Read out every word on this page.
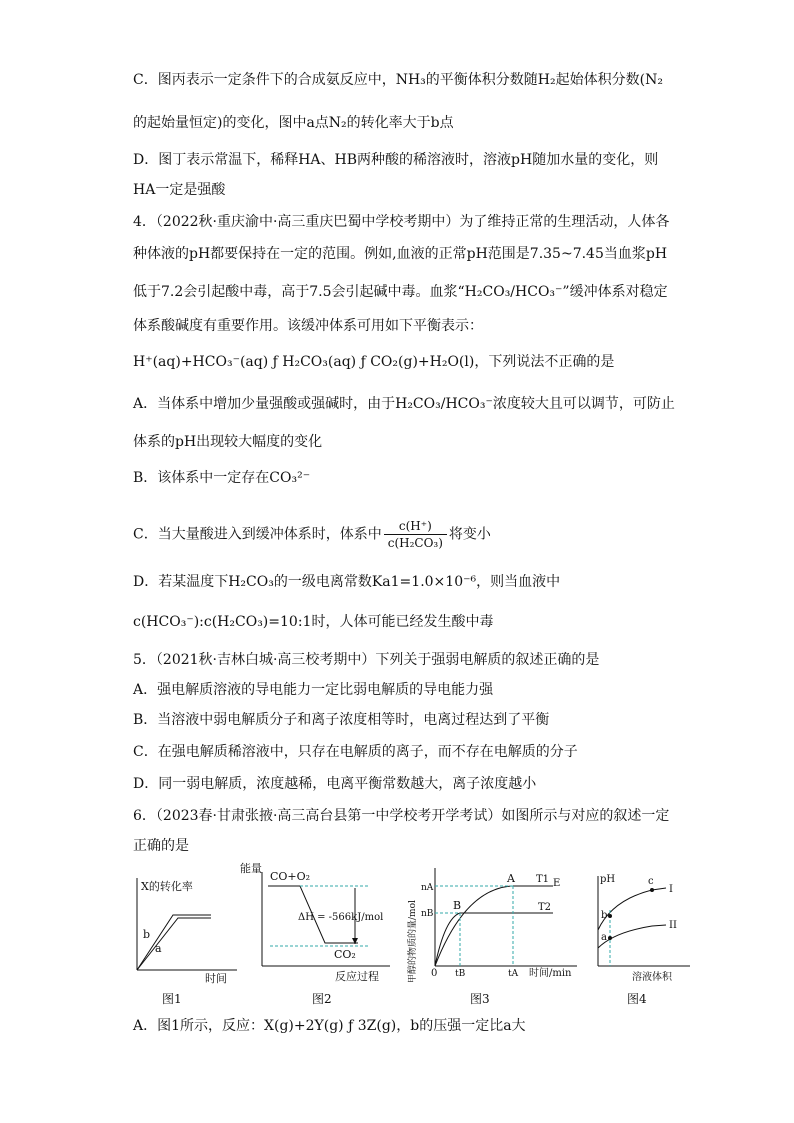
C．图丙表示一定条件下的合成氨反应中，NH₃的平衡体积分数随H₂起始体积分数(N₂
的起始量恒定)的变化，图中a点N₂的转化率大于b点
D．图丁表示常温下，稀释HA、HB两种酸的稀溶液时，溶液pH随加水量的变化，则
HA一定是强酸
4．（2022秋·重庆渝中·高三重庆巴蜀中学校考期中）为了维持正常的生理活动，人体各
种体液的pH都要保持在一定的范围。例如,血液的正常pH范围是7.35~7.45当血浆pH
低于7.2会引起酸中毒，高于7.5会引起碱中毒。血浆“H₂CO₃/HCO₃⁻”缓冲体系对稳定
体系酸碱度有重要作用。该缓冲体系可用如下平衡表示：
H⁺(aq)+HCO₃⁻(aq) ƒ H₂CO₃(aq) ƒ CO₂(g)+H₂O(l)，下列说法不正确的是
A．当体系中增加少量强酸或强碱时，由于H₂CO₃/HCO₃⁻浓度较大且可以调节，可防止
体系的pH出现较大幅度的变化
B．该体系中一定存在CO₃²⁻
C．当大量酸进入到缓冲体系时，体系中 $\frac{c(H^+)}{\text{c(H₂CO₃)}}$ 将变小
D．若某温度下H₂CO₃的一级电离常数Ka1=1.0×10⁻⁶，则当血液中
c(HCO₃⁻):c(H₂CO₃)=10:1时，人体可能已经发生酸中毒
5．（2021秋·吉林白城·高三校考期中）下列关于强弱电解质的叙述正确的是
A．强电解质溶液的导电能力一定比弱电解质的导电能力强
B．当溶液中弱电解质分子和离子浓度相等时，电离过程达到了平衡
C．在强电解质稀溶液中，只存在电解质的离子，而不存在电解质的分子
D．同一弱电解质，浓度越稀，电离平衡常数越大，离子浓度越小
6．（2023春·甘肃张掖·高三高台县第一中学校考开学考试）如图所示与对应的叙述一定
正确的是
X的转化率
时间
b
a
图1
能量
CO+O₂
CO₂
ΔH = -566kJ/mol
反应过程
图2
甲醇的物质的量/mol 0
nA
nB
tB	tA
A
B
T1 E
T2
时间/min
图3
pH
b
a
c
I
II
溶液体积
图4
A．图1所示，反应：X(g)+2Y(g) ƒ 3Z(g)，b的压强一定比a大
